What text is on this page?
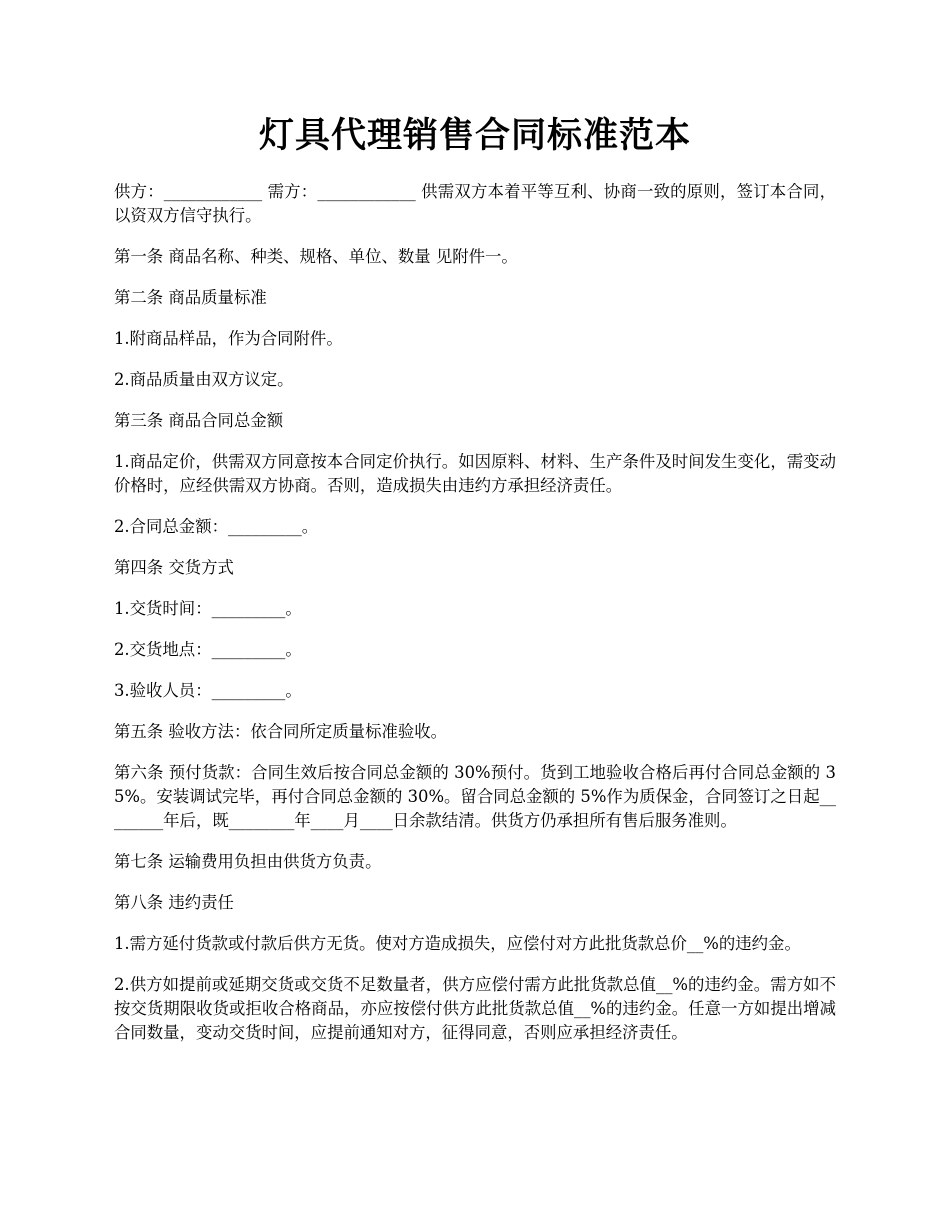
灯具代理销售合同标准范本

供方：____________ 需方：____________ 供需双方本着平等互利、协商一致的原则，签订本合同，以资双方信守执行。

第一条 商品名称、种类、规格、单位、数量 见附件一。

第二条 商品质量标准

1.附商品样品，作为合同附件。

2.商品质量由双方议定。

第三条 商品合同总金额

1.商品定价，供需双方同意按本合同定价执行。如因原料、材料、生产条件及时间发生变化，需变动价格时，应经供需双方协商。否则，造成损失由违约方承担经济责任。

2.合同总金额：_________。

第四条 交货方式

1.交货时间：_________。

2.交货地点：_________。

3.验收人员：_________。

第五条 验收方法：依合同所定质量标准验收。

第六条 预付货款：合同生效后按合同总金额的 30%预付。货到工地验收合格后再付合同总金额的 35%。安装调试完毕，再付合同总金额的 30%。留合同总金额的 5%作为质保金，合同签订之日起________年后，既________年____月____日余款结清。供货方仍承担所有售后服务准则。

第七条 运输费用负担由供货方负责。

第八条 违约责任

1.需方延付货款或付款后供方无货。使对方造成损失，应偿付对方此批货款总价__%的违约金。

2.供方如提前或延期交货或交货不足数量者，供方应偿付需方此批货款总值__%的违约金。需方如不按交货期限收货或拒收合格商品，亦应按偿付供方此批货款总值__%的违约金。任意一方如提出增减合同数量，变动交货时间，应提前通知对方，征得同意，否则应承担经济责任。
